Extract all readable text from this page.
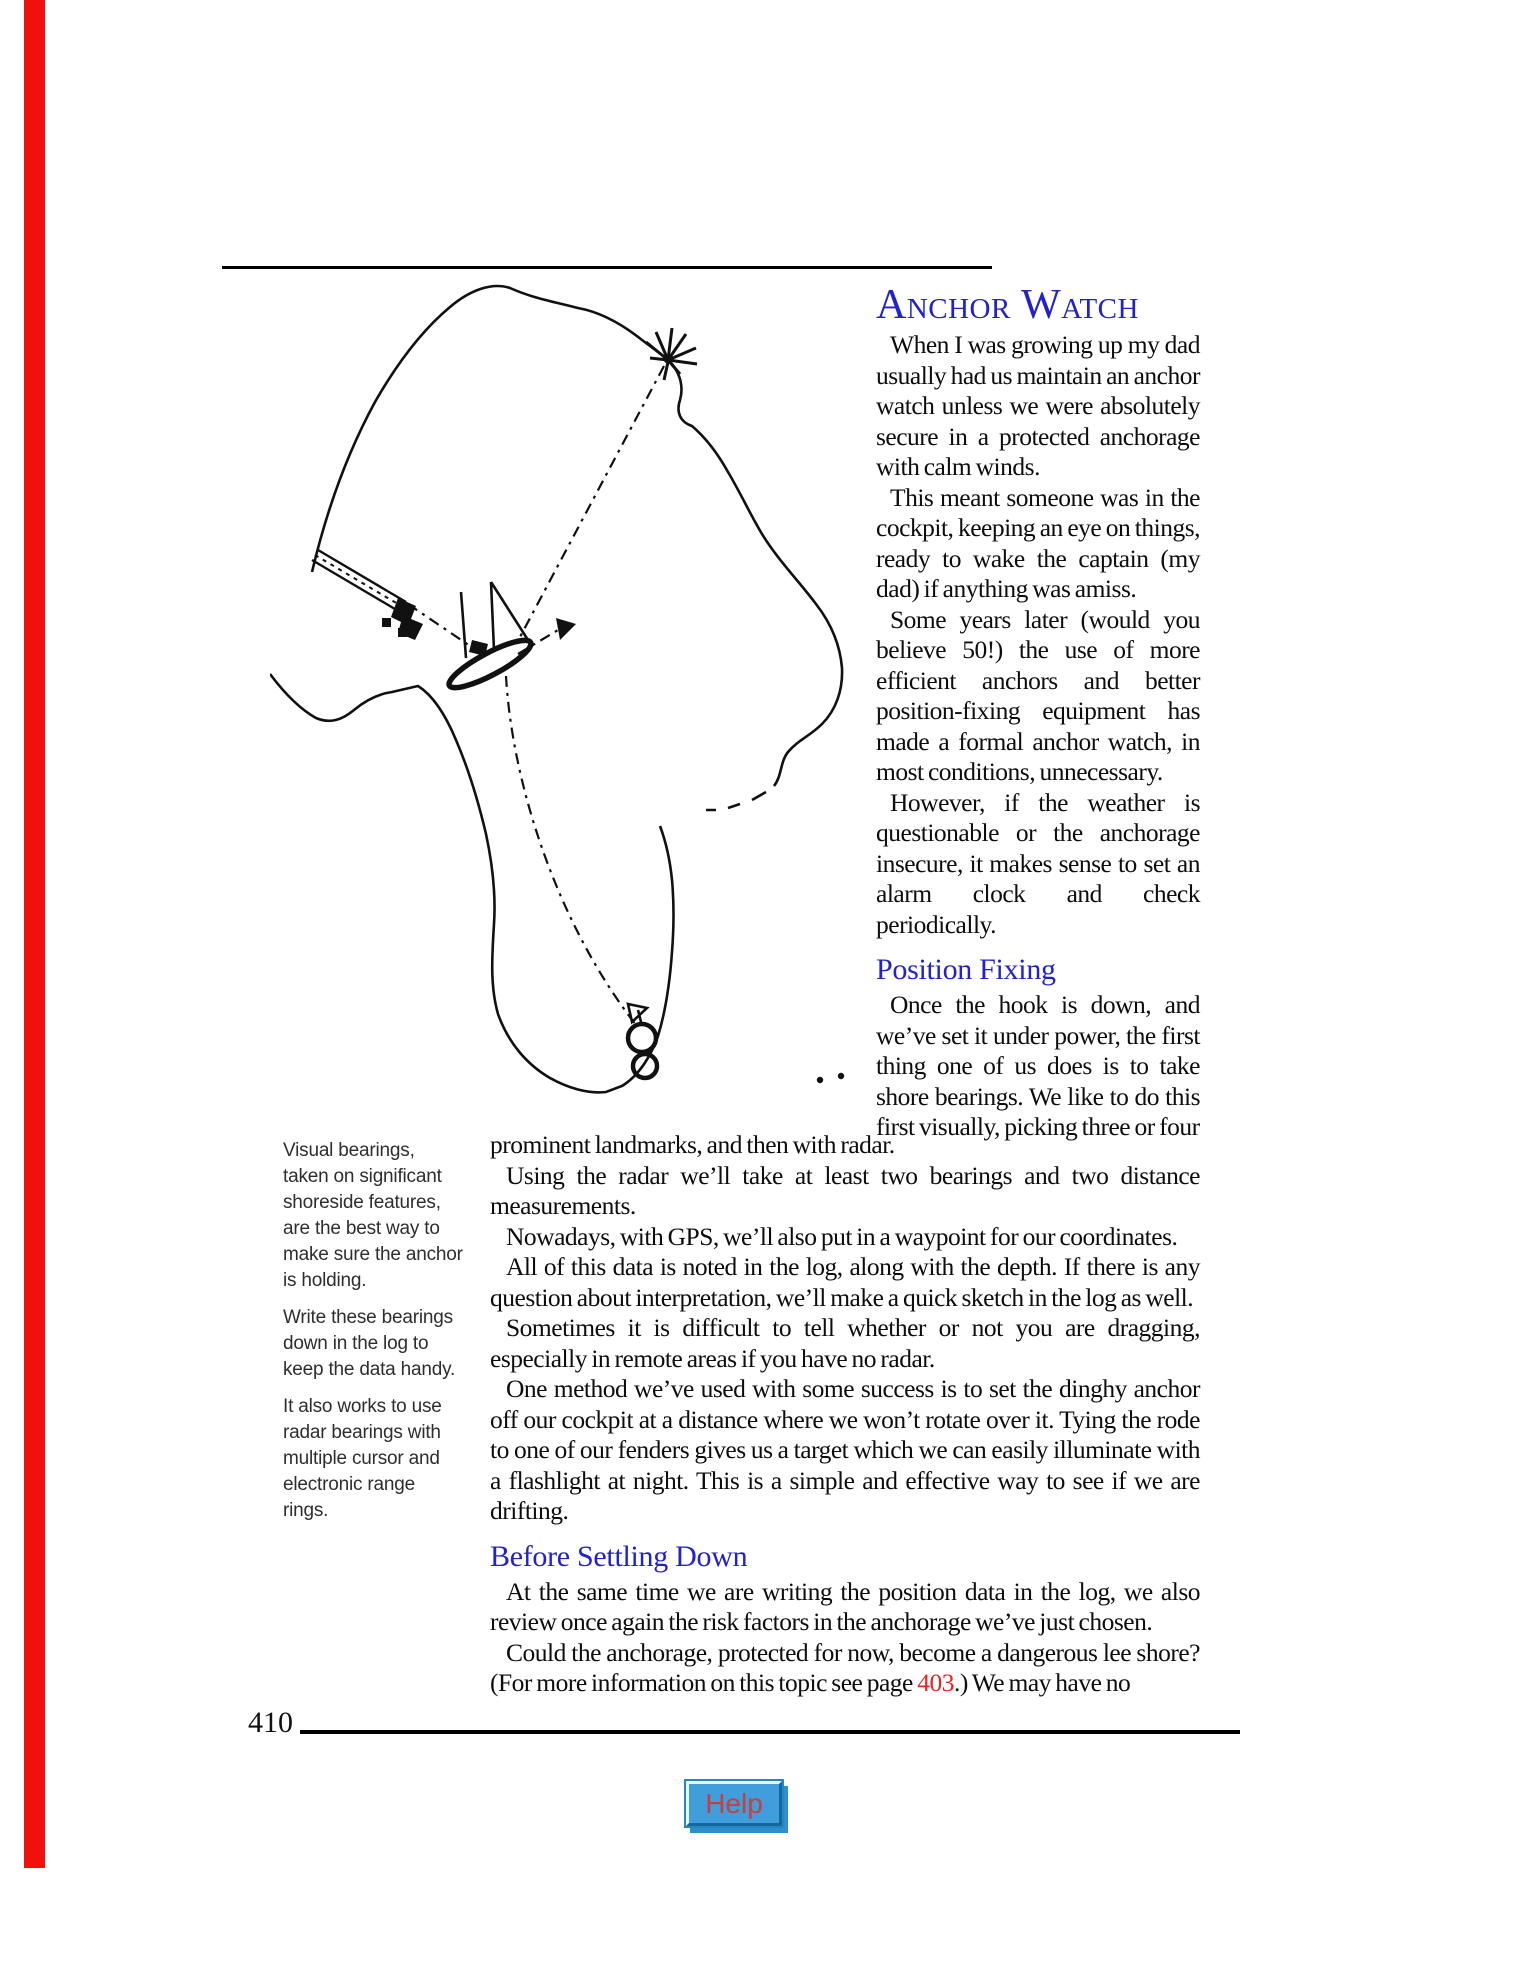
Anchor Watch

When I was growing up my dad usually had us maintain an anchor watch unless we were absolutely secure in a protected anchorage with calm winds.

This meant someone was in the cockpit, keeping an eye on things, ready to wake the captain (my dad) if anything was amiss.

Some years later (would you believe 50!) the use of more efficient anchors and better position-fixing equipment has made a formal anchor watch, in most conditions, unnecessary.

However, if the weather is questionable or the anchorage insecure, it makes sense to set an alarm clock and check periodically.

Position Fixing

Once the hook is down, and we’ve set it under power, the first thing one of us does is to take shore bearings. We like to do this first visually, picking three or four

prominent landmarks, and then with radar.

Using the radar we’ll take at least two bearings and two distance measurements.

Nowadays, with GPS, we’ll also put in a waypoint for our coordinates.

All of this data is noted in the log, along with the depth. If there is any question about interpretation, we’ll make a quick sketch in the log as well.

Sometimes it is difficult to tell whether or not you are dragging, especially in remote areas if you have no radar.

One method we’ve used with some success is to set the dinghy anchor off our cockpit at a distance where we won’t rotate over it. Tying the rode to one of our fenders gives us a target which we can easily illuminate with a flashlight at night. This is a simple and effective way to see if we are drifting.

Before Settling Down

At the same time we are writing the position data in the log, we also review once again the risk factors in the anchorage we’ve just chosen.

Could the anchorage, protected for now, become a dangerous lee shore? (For more information on this topic see page 403.) We may have no

Visual bearings, taken on significant shoreside features, are the best way to make sure the anchor is holding.

Write these bearings down in the log to keep the data handy.

It also works to use radar bearings with multiple cursor and electronic range rings.

410
Help
